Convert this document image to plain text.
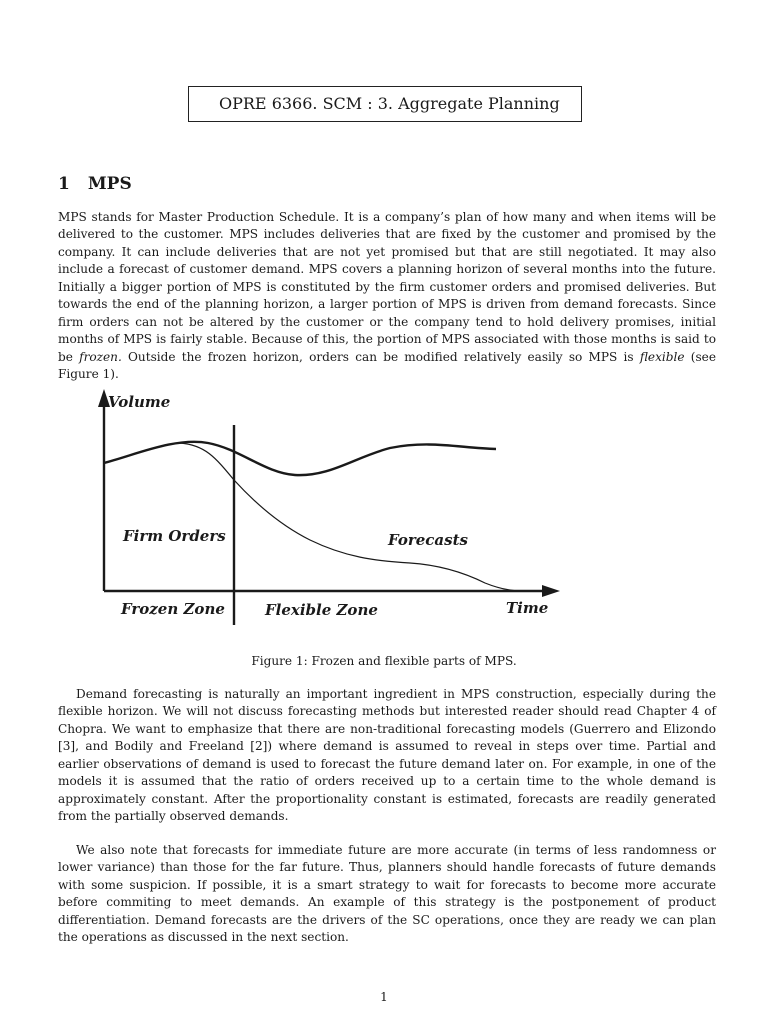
OPRE 6366. SCM : 3. Aggregate Planning
1 MPS

MPS stands for Master Production Schedule. It is a company’s plan of how many and when items will be delivered to the customer. MPS includes deliveries that are fixed by the customer and promised by the company. It can include deliveries that are not yet promised but that are still negotiated. It may also include a forecast of customer demand. MPS covers a planning horizon of several months into the future. Initially a bigger portion of MPS is constituted by the firm customer orders and promised deliveries. But towards the end of the planning horizon, a larger portion of MPS is driven from demand forecasts. Since firm orders can not be altered by the customer or the company tend to hold delivery promises, initial months of MPS is fairly stable. Because of this, the portion of MPS associated with those months is said to be frozen. Outside the frozen horizon, orders can be modified relatively easily so MPS is flexible (see Figure 1).

Volume
Firm Orders	Forecasts
Frozen Zone	Flexible Zone	Time
Figure 1: Frozen and flexible parts of MPS.

Demand forecasting is naturally an important ingredient in MPS construction, especially during the flexible horizon. We will not discuss forecasting methods but interested reader should read Chapter 4 of Chopra. We want to emphasize that there are non-traditional forecasting models (Guerrero and Elizondo [3], and Bodily and Freeland [2]) where demand is assumed to reveal in steps over time. Partial and earlier observations of demand is used to forecast the future demand later on. For example, in one of the models it is assumed that the ratio of orders received up to a certain time to the whole demand is approximately constant. After the proportionality constant is estimated, forecasts are readily generated from the partially observed demands.

We also note that forecasts for immediate future are more accurate (in terms of less randomness or lower variance) than those for the far future. Thus, planners should handle forecasts of future demands with some suspicion. If possible, it is a smart strategy to wait for forecasts to become more accurate before commiting to meet demands. An example of this strategy is the postponement of product differentiation. Demand forecasts are the drivers of the SC operations, once they are ready we can plan the operations as discussed in the next section.

1
